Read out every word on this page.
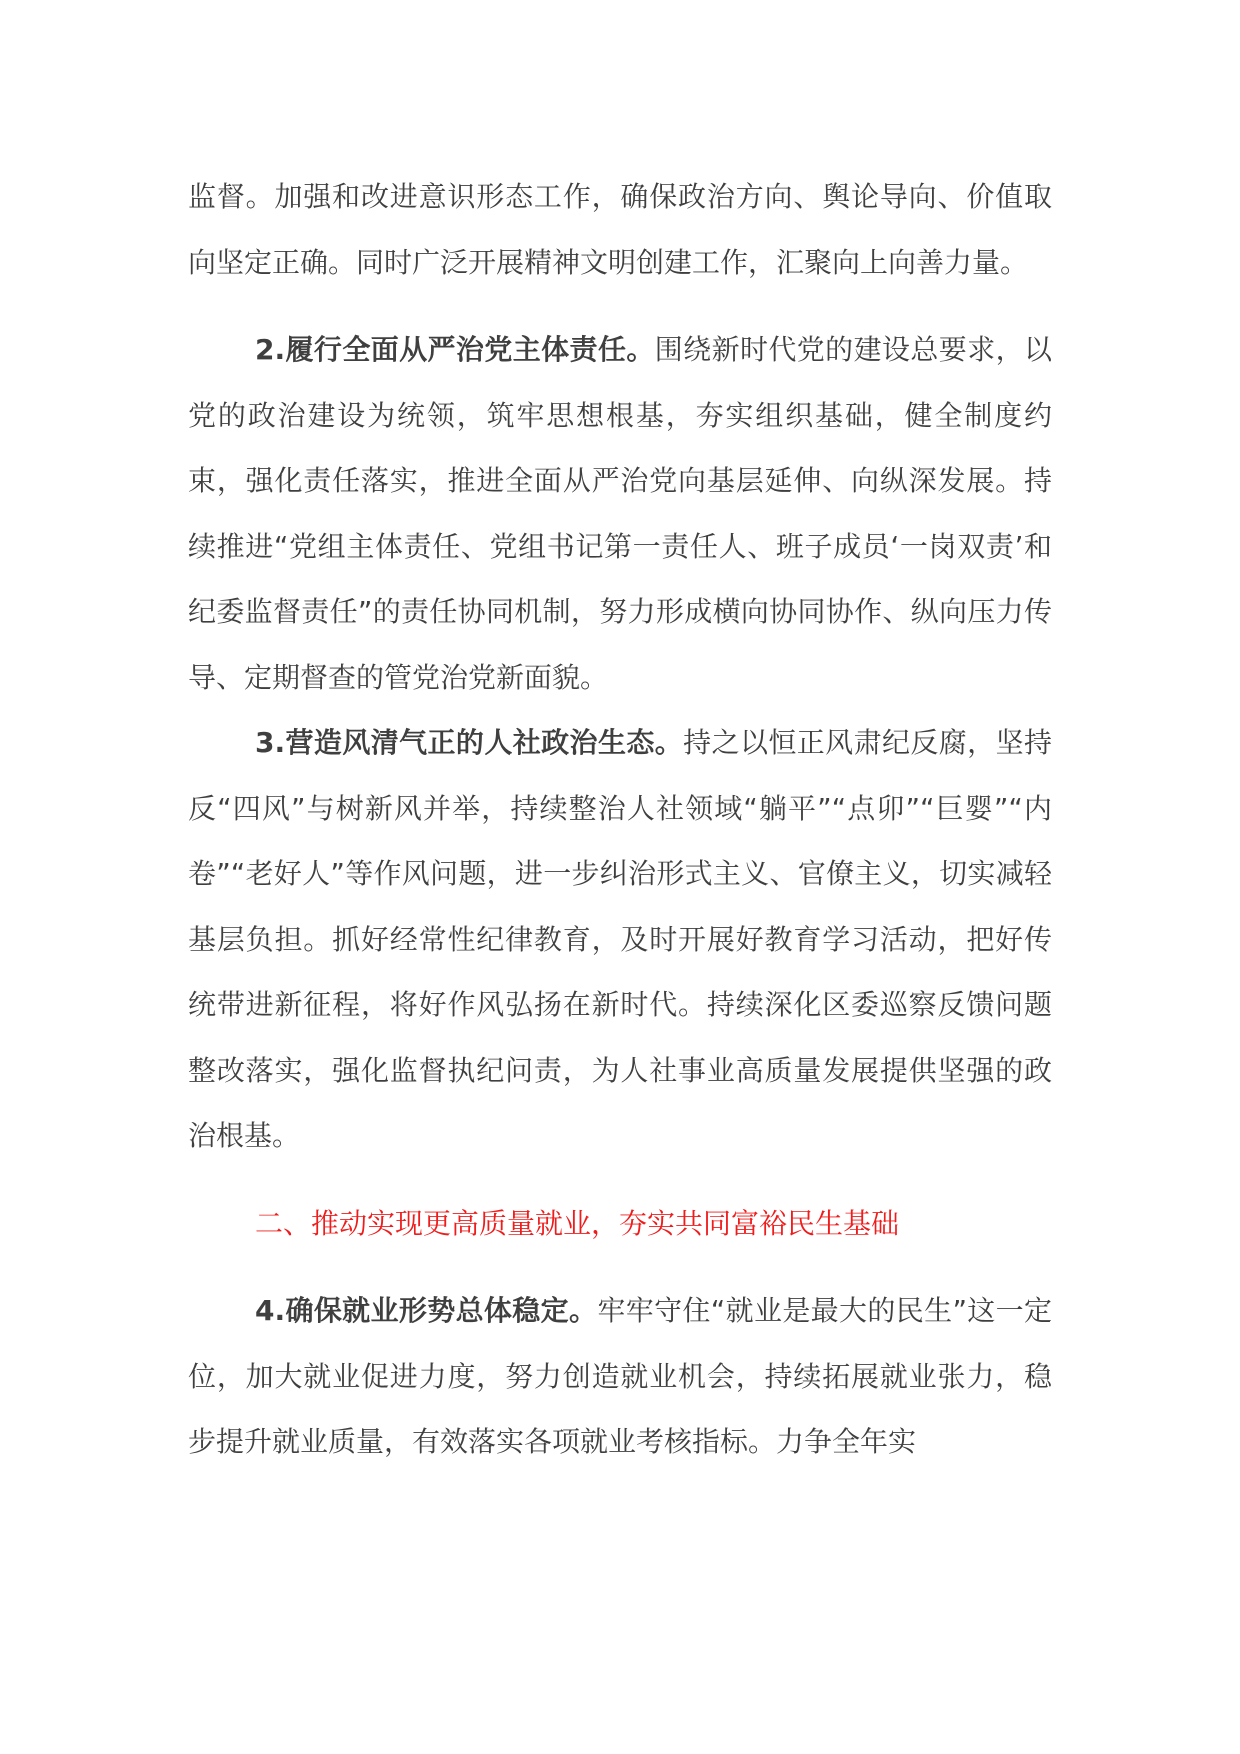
监督。加强和改进意识形态工作，确保政治方向、舆论导向、价值取向坚定正确。同时广泛开展精神文明创建工作，汇聚向上向善力量。

2.履行全面从严治党主体责任。围绕新时代党的建设总要求，以党的政治建设为统领，筑牢思想根基，夯实组织基础，健全制度约束，强化责任落实，推进全面从严治党向基层延伸、向纵深发展。持续推进“党组主体责任、党组书记第一责任人、班子成员‘一岗双责’和纪委监督责任”的责任协同机制，努力形成横向协同协作、纵向压力传导、定期督查的管党治党新面貌。

3.营造风清气正的人社政治生态。持之以恒正风肃纪反腐，坚持反“四风”与树新风并举，持续整治人社领域“躺平”“点卯”“巨婴”“内卷”“老好人”等作风问题，进一步纠治形式主义、官僚主义，切实减轻基层负担。抓好经常性纪律教育，及时开展好教育学习活动，把好传统带进新征程，将好作风弘扬在新时代。持续深化区委巡察反馈问题整改落实，强化监督执纪问责，为人社事业高质量发展提供坚强的政治根基。

二、推动实现更高质量就业，夯实共同富裕民生基础

4.确保就业形势总体稳定。牢牢守住“就业是最大的民生”这一定位，加大就业促进力度，努力创造就业机会，持续拓展就业张力，稳步提升就业质量，有效落实各项就业考核指标。力争全年实
